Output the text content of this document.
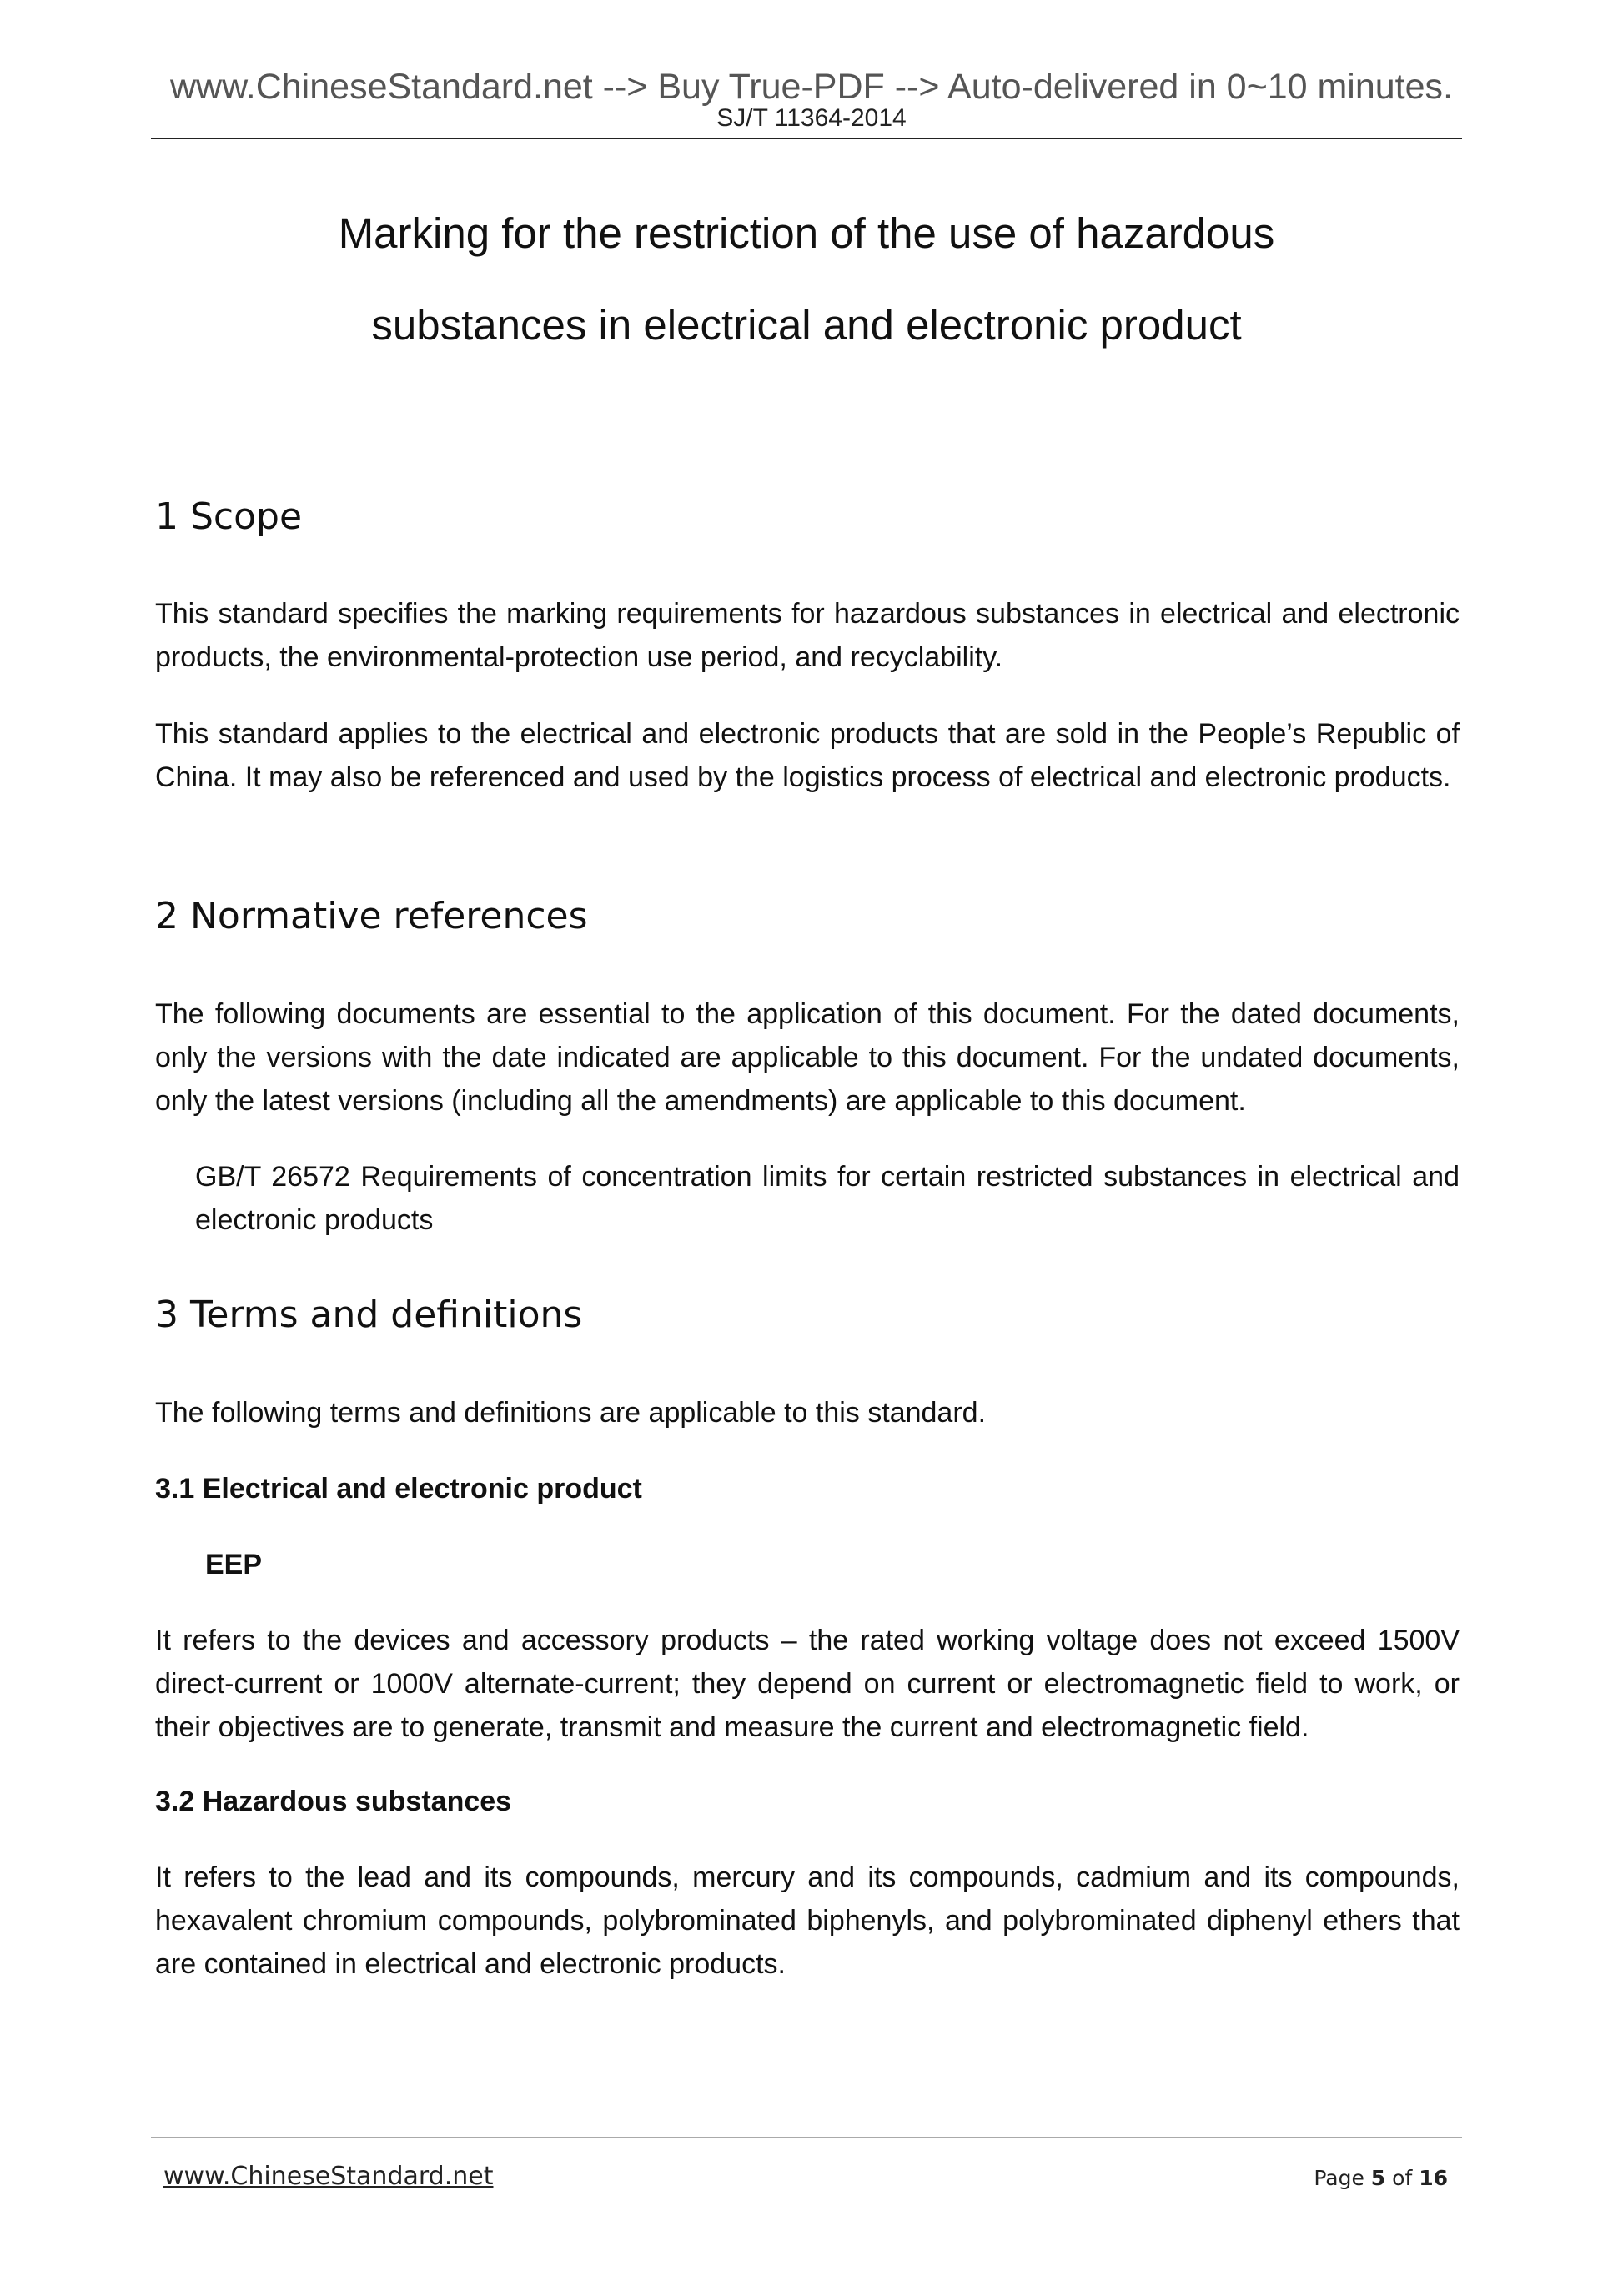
www.ChineseStandard.net --> Buy True-PDF --> Auto-delivered in 0~10 minutes.
SJ/T 11364-2014
Marking for the restriction of the use of hazardous
substances in electrical and electronic product
1 Scope
This standard specifies the marking requirements for hazardous substances in electrical and electronic products, the environmental-protection use period, and recyclability.
This standard applies to the electrical and electronic products that are sold in the People’s Republic of China. It may also be referenced and used by the logistics process of electrical and electronic products.
2 Normative references
The following documents are essential to the application of this document. For the dated documents, only the versions with the date indicated are applicable to this document. For the undated documents, only the latest versions (including all the amendments) are applicable to this document.
GB/T 26572 Requirements of concentration limits for certain restricted substances in electrical and electronic products
3 Terms and definitions
The following terms and definitions are applicable to this standard.
3.1 Electrical and electronic product
EEP
It refers to the devices and accessory products – the rated working voltage does not exceed 1500V direct-current or 1000V alternate-current; they depend on current or electromagnetic field to work, or their objectives are to generate, transmit and measure the current and electromagnetic field.
3.2 Hazardous substances
It refers to the lead and its compounds, mercury and its compounds, cadmium and its compounds, hexavalent chromium compounds, polybrominated biphenyls, and polybrominated diphenyl ethers that are contained in electrical and electronic products.
www.ChineseStandard.net	Page 5 of 16
